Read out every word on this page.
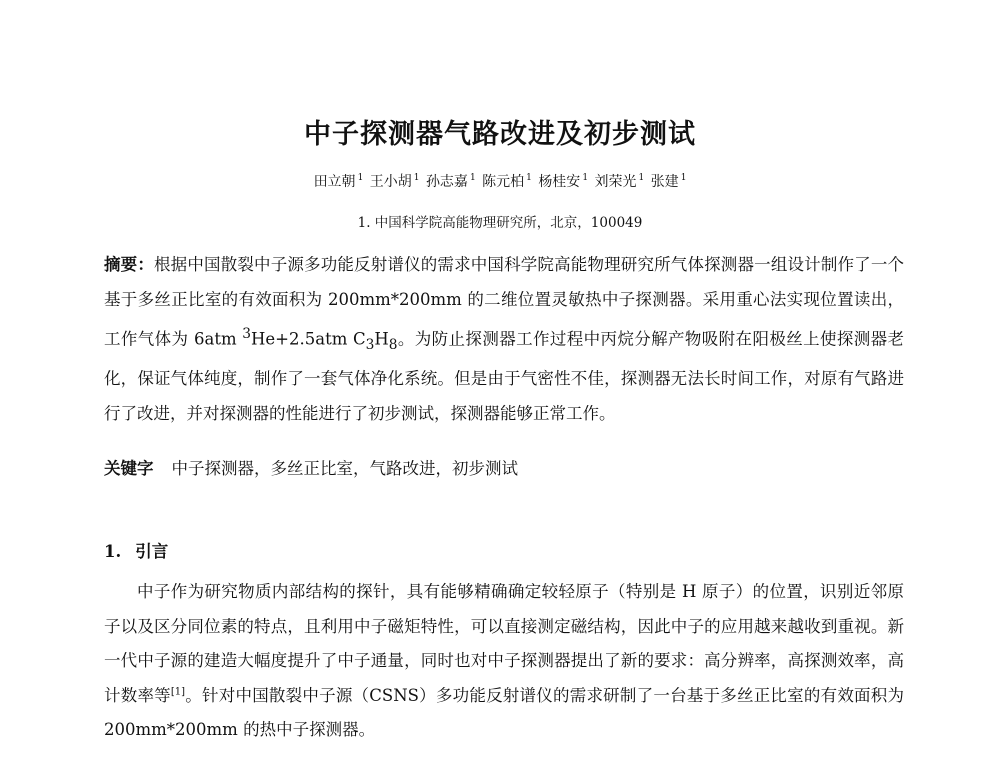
中子探测器气路改进及初步测试

田立朝 $^1$ 王小胡 $^1$ 孙志嘉 $^1$ 陈元柏 $^1$ 杨桂安 $^1$ 刘荣光 $^1$ 张建 $^1$

1. 中国科学院高能物理研究所，北京，100049

摘要：根据中国散裂中子源多功能反射谱仪的需求中国科学院高能物理研究所气体探测器一组设计制作了一个基于多丝正比室的有效面积为 200mm*200mm 的二维位置灵敏热中子探测器。采用重心法实现位置读出，工作气体为 6atm $^3$He+2.5atm $C_3H_8$。为防止探测器工作过程中丙烷分解产物吸附在阳极丝上使探测器老化，保证气体纯度，制作了一套气体净化系统。但是由于气密性不佳，探测器无法长时间工作，对原有气路进行了改进，并对探测器的性能进行了初步测试，探测器能够正常工作。

关键字 中子探测器，多丝正比室，气路改进，初步测试

1. 引言

中子作为研究物质内部结构的探针，具有能够精确确定较轻原子（特别是 H 原子）的位置，识别近邻原子以及区分同位素的特点，且利用中子磁矩特性，可以直接测定磁结构，因此中子的应用越来越收到重视。新一代中子源的建造大幅度提升了中子通量，同时也对中子探测器提出了新的要求：高分辨率，高探测效率，高计数率等[1]。针对中国散裂中子源（CSNS）多功能反射谱仪的需求研制了一台基于多丝正比室的有效面积为 200mm*200mm 的热中子探测器。
